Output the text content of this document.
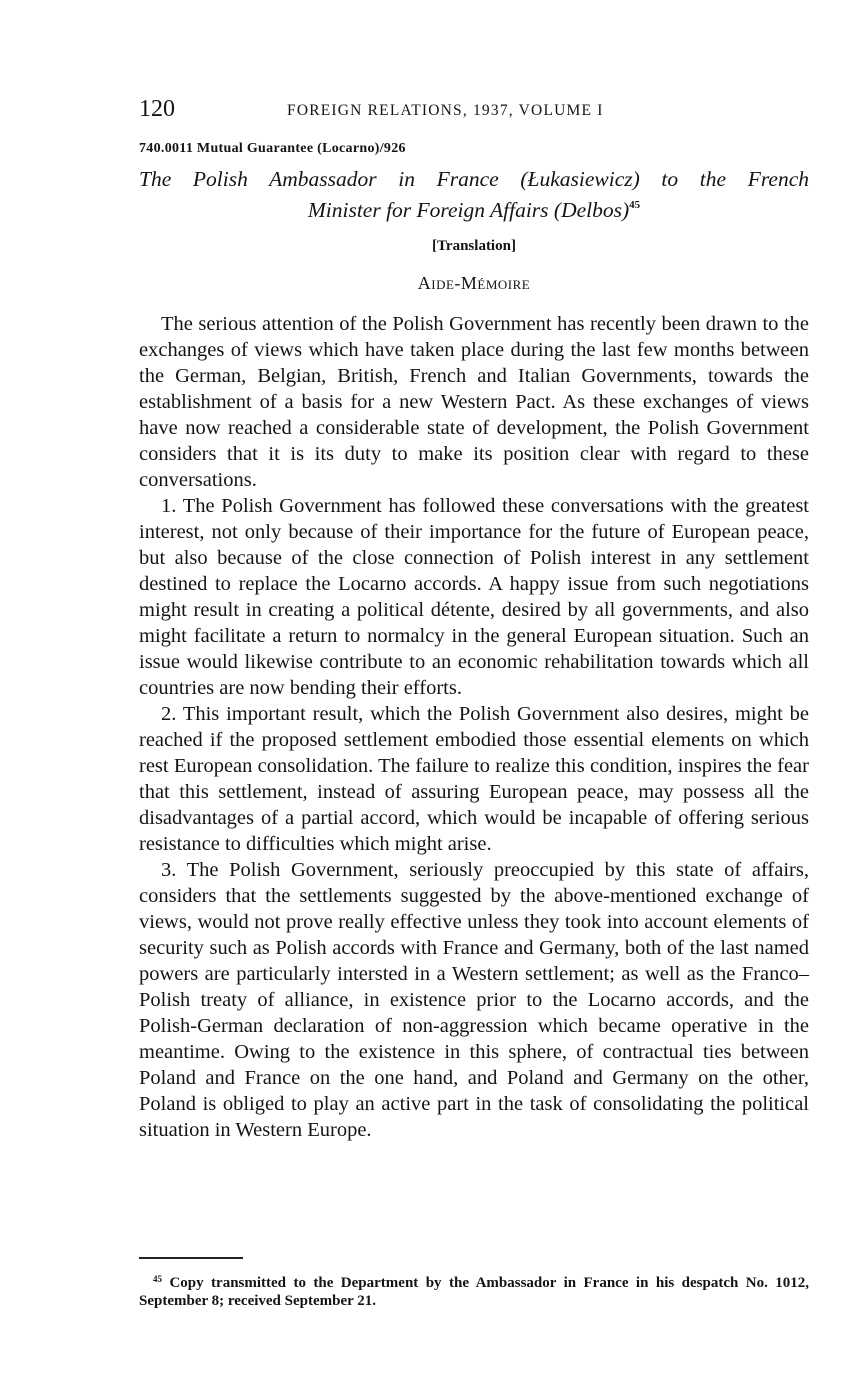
120	FOREIGN RELATIONS, 1937, VOLUME I
740.0011 Mutual Guarantee (Locarno)/926
The Polish Ambassador in France (Łukasiewicz) to the French
Minister for Foreign Affairs (Delbos)$^{45}$
[Translation]
Aide-Mémoire

The serious attention of the Polish Government has recently been drawn to the exchanges of views which have taken place during the last few months between the German, Belgian, British, French and Italian Governments, towards the establishment of a basis for a new Western Pact. As these exchanges of views have now reached a considerable state of development, the Polish Government considers that it is its duty to make its position clear with regard to these conversations.

1. The Polish Government has followed these conversations with the greatest interest, not only because of their importance for the future of European peace, but also because of the close connection of Polish interest in any settlement destined to replace the Locarno accords. A happy issue from such negotiations might result in creating a political détente, desired by all governments, and also might facilitate a return to normalcy in the general European situation. Such an issue would likewise contribute to an economic rehabilitation towards which all countries are now bending their efforts.

2. This important result, which the Polish Government also desires, might be reached if the proposed settlement embodied those essential elements on which rest European consolidation. The failure to realize this condition, inspires the fear that this settlement, instead of assuring European peace, may possess all the disadvantages of a partial accord, which would be incapable of offering serious resistance to difficulties which might arise.

3. The Polish Government, seriously preoccupied by this state of affairs, considers that the settlements suggested by the above-mentioned exchange of views, would not prove really effective unless they took into account elements of security such as Polish accords with France and Germany, both of the last named powers are particularly intersted in a Western settlement; as well as the Franco–Polish treaty of alliance, in existence prior to the Locarno accords, and the Polish-German declaration of non-aggression which became operative in the meantime. Owing to the existence in this sphere, of contractual ties between Poland and France on the one hand, and Poland and Germany on the other, Poland is obliged to play an active part in the task of consolidating the political situation in Western Europe.

$^{45}$ Copy transmitted to the Department by the Ambassador in France in his despatch No. 1012, September 8; received September 21.
